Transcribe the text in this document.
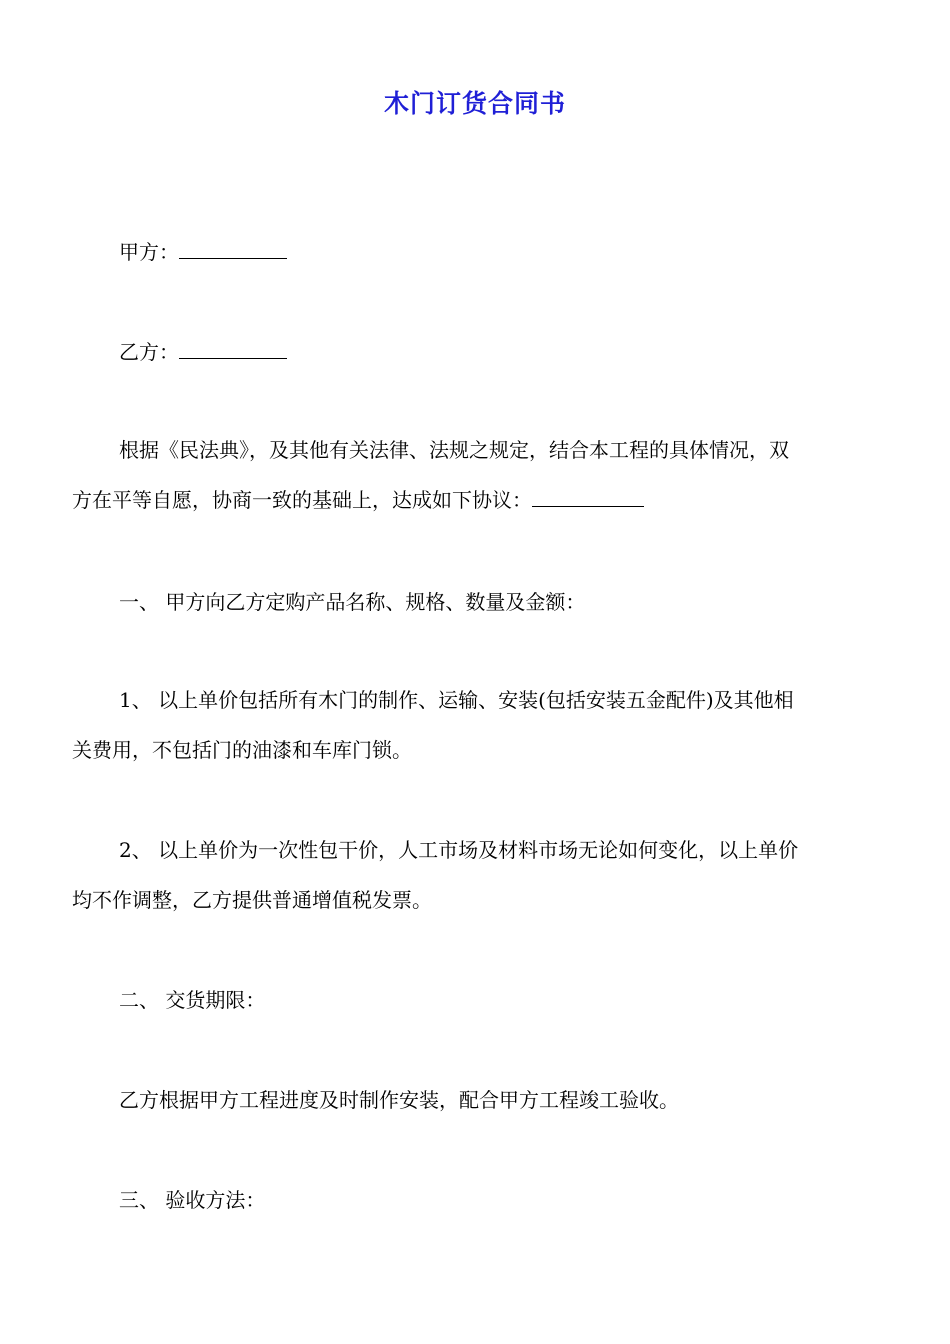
木门订货合同书
甲方：
乙方：
根据《民法典》，及其他有关法律、法规之规定，结合本工程的具体情况，双
方在平等自愿，协商一致的基础上，达成如下协议：
一、 甲方向乙方定购产品名称、规格、数量及金额：
1、 以上单价包括所有木门的制作、运输、安装(包括安装五金配件)及其他相
关费用，不包括门的油漆和车库门锁。
2、 以上单价为一次性包干价，人工市场及材料市场无论如何变化，以上单价
均不作调整，乙方提供普通增值税发票。
二、 交货期限：
乙方根据甲方工程进度及时制作安装，配合甲方工程竣工验收。
三、 验收方法：
